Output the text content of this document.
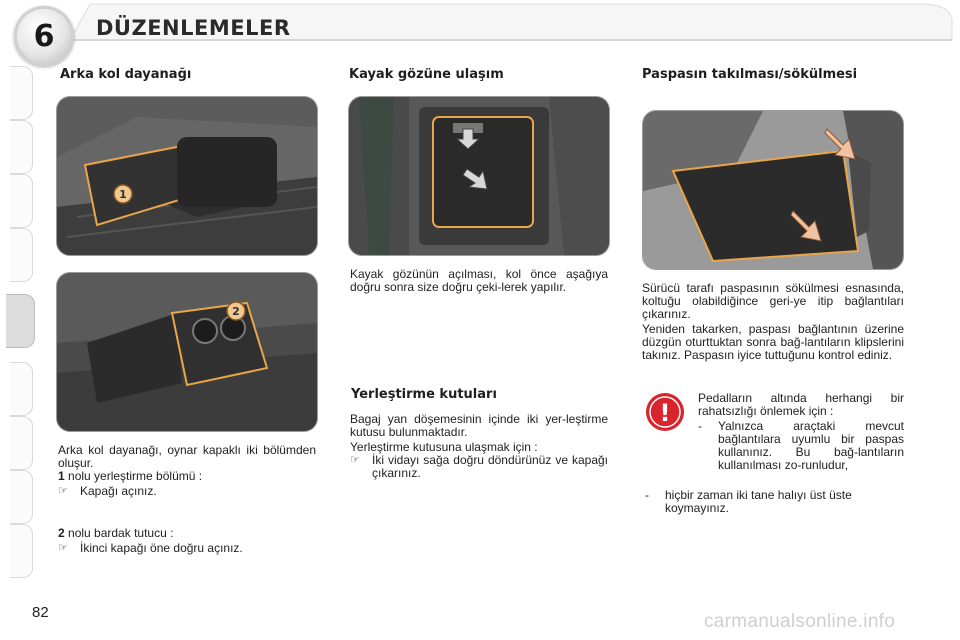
6	DÜZENLEMELER
Arka kol dayanağı
1
2

Arka kol dayanağı, oynar kapaklı iki bölümden oluşur.

1 nolu yerleştirme bölümü :

☞	Kapağı açınız.

2 nolu bardak tutucu :

☞	İkinci kapağı öne doğru açınız.
Kayak gözüne ulaşım
Kayak gözünün açılması, kol önce aşağıya doğru sonra size doğru çeki-lerek yapılır.
Yerleştirme kutuları

Bagaj yan döşemesinin içinde iki yer-leştirme kutusu bulunmaktadır.

Yerleştirme kutusuna ulaşmak için :

☞	İki vidayı sağa doğru döndürünüz ve kapağı çıkarınız.
Paspasın takılması/sökülmesi

Sürücü tarafı paspasının sökülmesi esnasında, koltuğu olabildiğince geri-ye itip bağlantıları çıkarınız.

Yeniden takarken, paspası bağlantının üzerine düzgün oturttuktan sonra bağ-lantıların klipslerini takınız. Paspasın iyice tuttuğunu kontrol ediniz.

!
Pedalların altında herhangi bir rahatsızlığı önlemek için :
-	Yalnızca araçtaki mevcut bağlantılara uyumlu bir paspas kullanınız. Bu bağ-lantıların kullanılması zo-runludur,
-	hiçbir zaman iki tane halıyı üst üste koymayınız.
82	carmanualsonline.info
